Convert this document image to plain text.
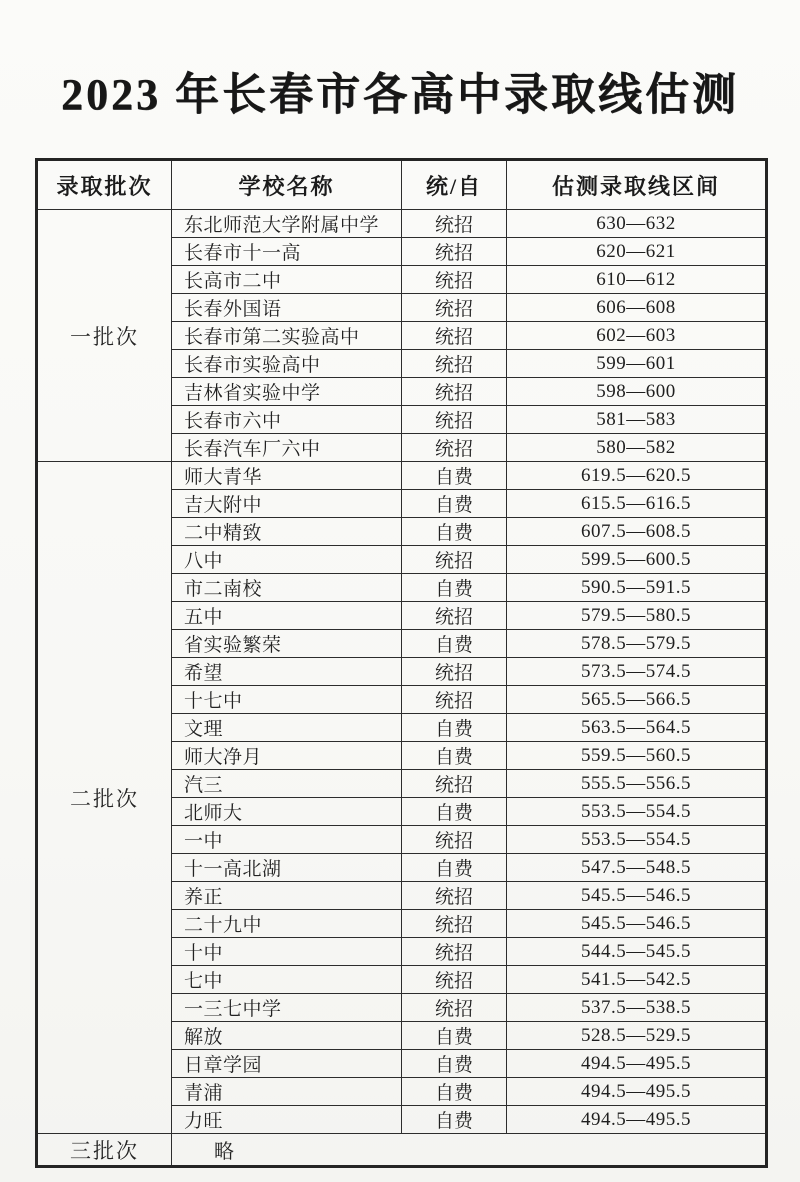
2023 年长春市各高中录取线估测
录取批次	学校名称	统/自	估测录取线区间
一批次	东北师范大学附属中学	统招	630—632
	长春市十一高	统招	620—621
	长高市二中	统招	610—612
	长春外国语	统招	606—608
	长春市第二实验高中	统招	602—603
	长春市实验高中	统招	599—601
	吉林省实验中学	统招	598—600
	长春市六中	统招	581—583
	长春汽车厂六中	统招	580—582
二批次	师大青华	自费	619.5—620.5
	吉大附中	自费	615.5—616.5
	二中精致	自费	607.5—608.5
	八中	统招	599.5—600.5
	市二南校	自费	590.5—591.5
	五中	统招	579.5—580.5
	省实验繁荣	自费	578.5—579.5
	希望	统招	573.5—574.5
	十七中	统招	565.5—566.5
	文理	自费	563.5—564.5
	师大净月	自费	559.5—560.5
	汽三	统招	555.5—556.5
	北师大	自费	553.5—554.5
	一中	统招	553.5—554.5
	十一高北湖	自费	547.5—548.5
	养正	统招	545.5—546.5
	二十九中	统招	545.5—546.5
	十中	统招	544.5—545.5
	七中	统招	541.5—542.5
	一三七中学	统招	537.5—538.5
	解放	自费	528.5—529.5
	日章学园	自费	494.5—495.5
	青浦	自费	494.5—495.5
	力旺	自费	494.5—495.5
三批次	略		
